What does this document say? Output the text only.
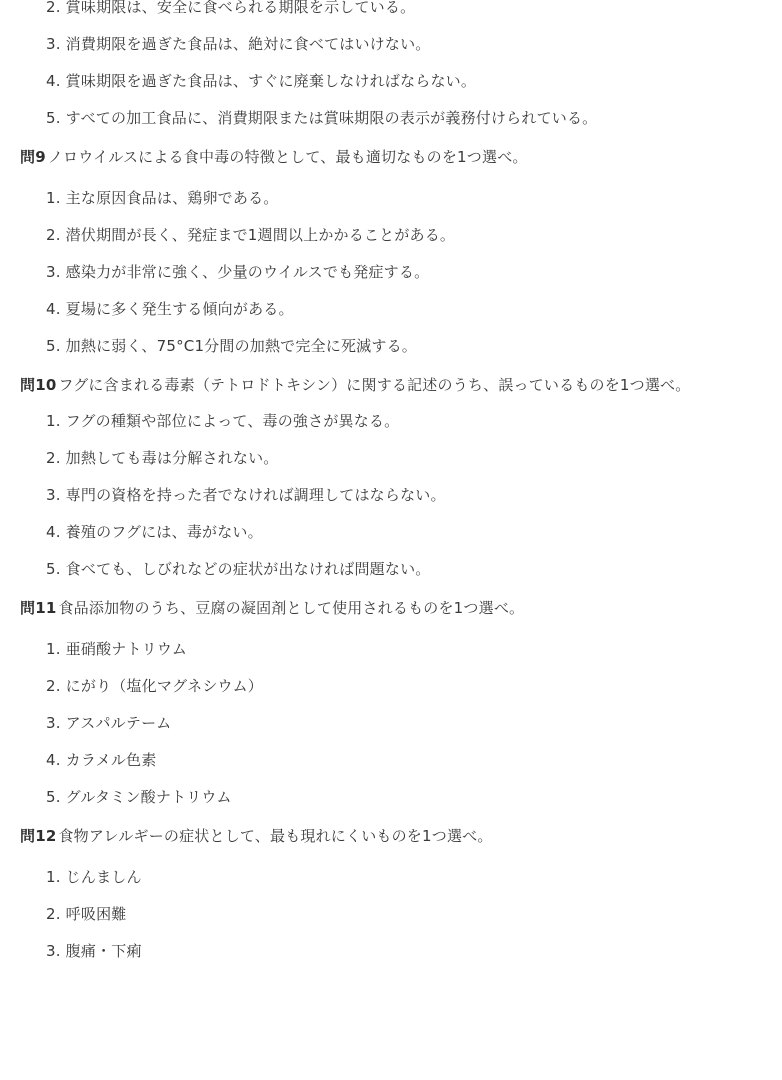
2. 賞味期限は、安全に食べられる期限を示している。
3. 消費期限を過ぎた食品は、絶対に食べてはいけない。
4. 賞味期限を過ぎた食品は、すぐに廃棄しなければならない。
5. すべての加工食品に、消費期限または賞味期限の表示が義務付けられている。
問9 ノロウイルスによる食中毒の特徴として、最も適切なものを1つ選べ。
1. 主な原因食品は、鶏卵である。
2. 潜伏期間が長く、発症まで1週間以上かかることがある。
3. 感染力が非常に強く、少量のウイルスでも発症する。
4. 夏場に多く発生する傾向がある。
5. 加熱に弱く、75°C1分間の加熱で完全に死滅する。
問10 フグに含まれる毒素（テトロドトキシン）に関する記述のうち、誤っているものを1つ選べ。
1. フグの種類や部位によって、毒の強さが異なる。
2. 加熱しても毒は分解されない。
3. 専門の資格を持った者でなければ調理してはならない。
4. 養殖のフグには、毒がない。
5. 食べても、しびれなどの症状が出なければ問題ない。
問11 食品添加物のうち、豆腐の凝固剤として使用されるものを1つ選べ。
1. 亜硝酸ナトリウム
2. にがり（塩化マグネシウム）
3. アスパルテーム
4. カラメル色素
5. グルタミン酸ナトリウム
問12 食物アレルギーの症状として、最も現れにくいものを1つ選べ。
1. じんましん
2. 呼吸困難
3. 腹痛・下痢
